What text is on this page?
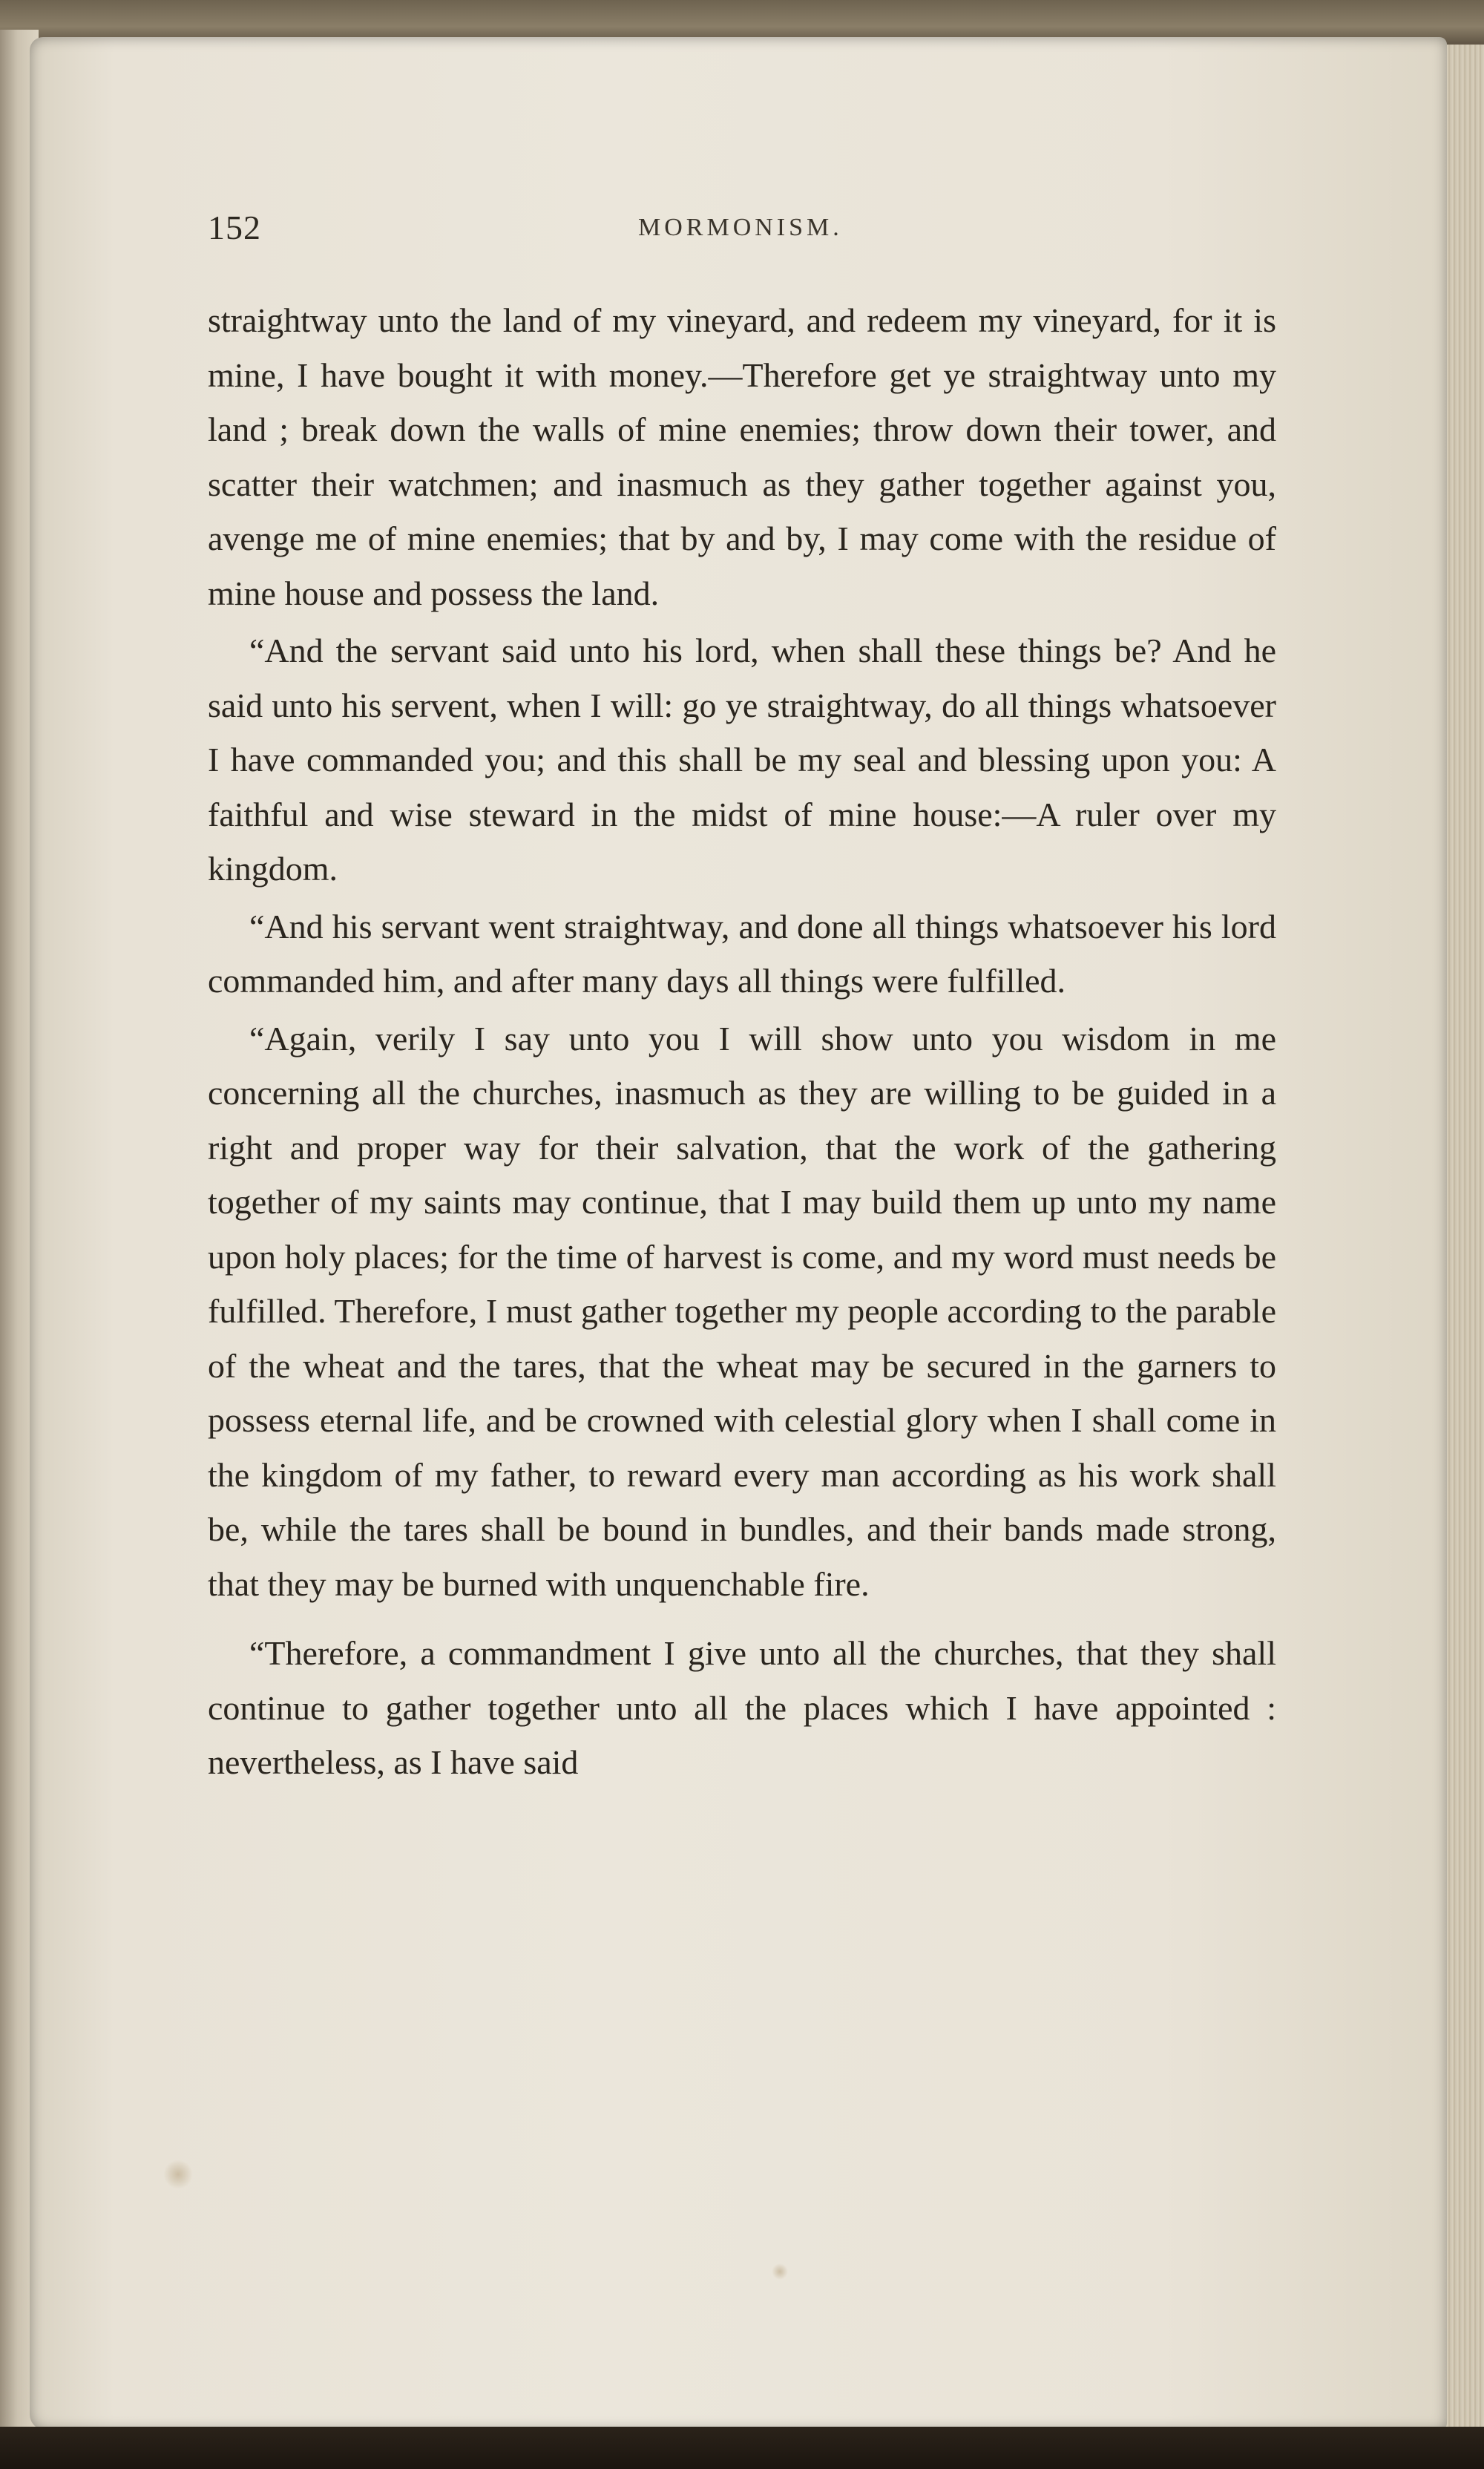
152	MORMONISM.

straightway unto the land of my vineyard, and redeem my vineyard, for it is mine, I have bought it with money.—Therefore get ye straightway unto my land ; break down the walls of mine enemies; throw down their tower, and scatter their watchmen; and inasmuch as they gather together against you, avenge me of mine enemies; that by and by, I may come with the residue of mine house and possess the land.

“And the servant said unto his lord, when shall these things be? And he said unto his servent, when I will: go ye straightway, do all things whatsoever I have commanded you; and this shall be my seal and blessing upon you: A faithful and wise steward in the midst of mine house:—A ruler over my kingdom.

“And his servant went straightway, and done all things whatsoever his lord commanded him, and after many days all things were fulfilled.

“Again, verily I say unto you I will show unto you wisdom in me concerning all the churches, inasmuch as they are willing to be guided in a right and proper way for their salvation, that the work of the gathering together of my saints may continue, that I may build them up unto my name upon holy places; for the time of harvest is come, and my word must needs be fulfilled. Therefore, I must gather together my people according to the parable of the wheat and the tares, that the wheat may be secured in the garners to possess eternal life, and be crowned with celestial glory when I shall come in the kingdom of my father, to reward every man according as his work shall be, while the tares shall be bound in bundles, and their bands made strong, that they may be burned with unquenchable fire.

“Therefore, a commandment I give unto all the churches, that they shall continue to gather together unto all the places which I have appointed : nevertheless, as I have said
